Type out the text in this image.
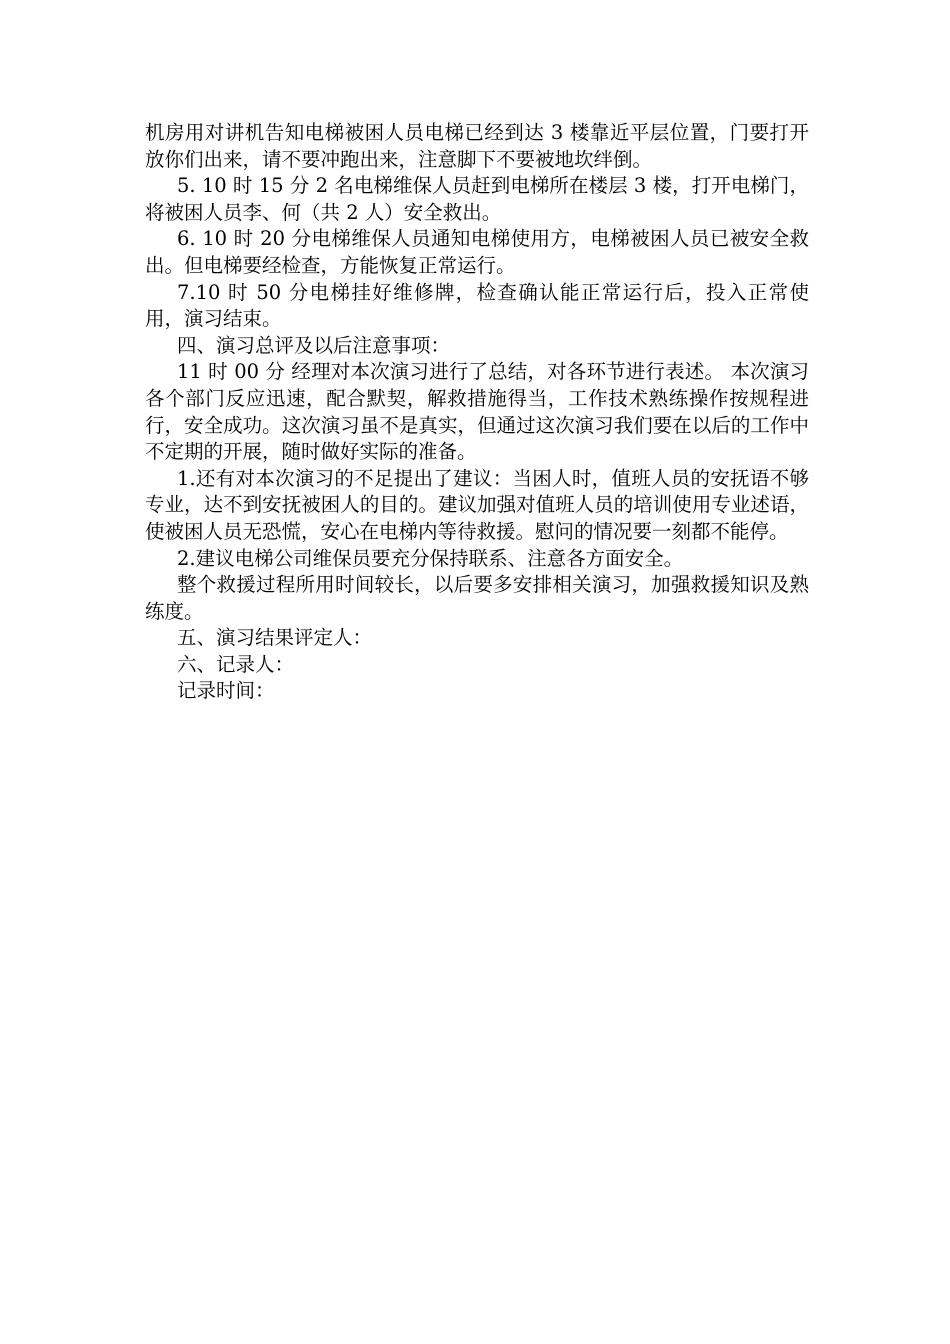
机房用对讲机告知电梯被困人员电梯已经到达 3 楼靠近平层位置，门要打开放你们出来，请不要冲跑出来，注意脚下不要被地坎绊倒。

5. 10 时 15 分 2 名电梯维保人员赶到电梯所在楼层 3 楼，打开电梯门，将被困人员李、何（共 2 人）安全救出。

6. 10 时 20 分电梯维保人员通知电梯使用方，电梯被困人员已被安全救出。但电梯要经检查，方能恢复正常运行。

7.10 时 50 分电梯挂好维修牌，检查确认能正常运行后，投入正常使用，演习结束。

四、演习总评及以后注意事项：

11 时 00 分 经理对本次演习进行了总结，对各环节进行表述。 本次演习各个部门反应迅速，配合默契，解救措施得当，工作技术熟练操作按规程进行，安全成功。这次演习虽不是真实，但通过这次演习我们要在以后的工作中不定期的开展，随时做好实际的准备。

1.还有对本次演习的不足提出了建议：当困人时，值班人员的安抚语不够专业，达不到安抚被困人的目的。建议加强对值班人员的培训使用专业述语，使被困人员无恐慌，安心在电梯内等待救援。慰问的情况要一刻都不能停。

2.建议电梯公司维保员要充分保持联系、注意各方面安全。

整个救援过程所用时间较长，以后要多安排相关演习，加强救援知识及熟练度。

五、演习结果评定人：

六、记录人：

记录时间：
